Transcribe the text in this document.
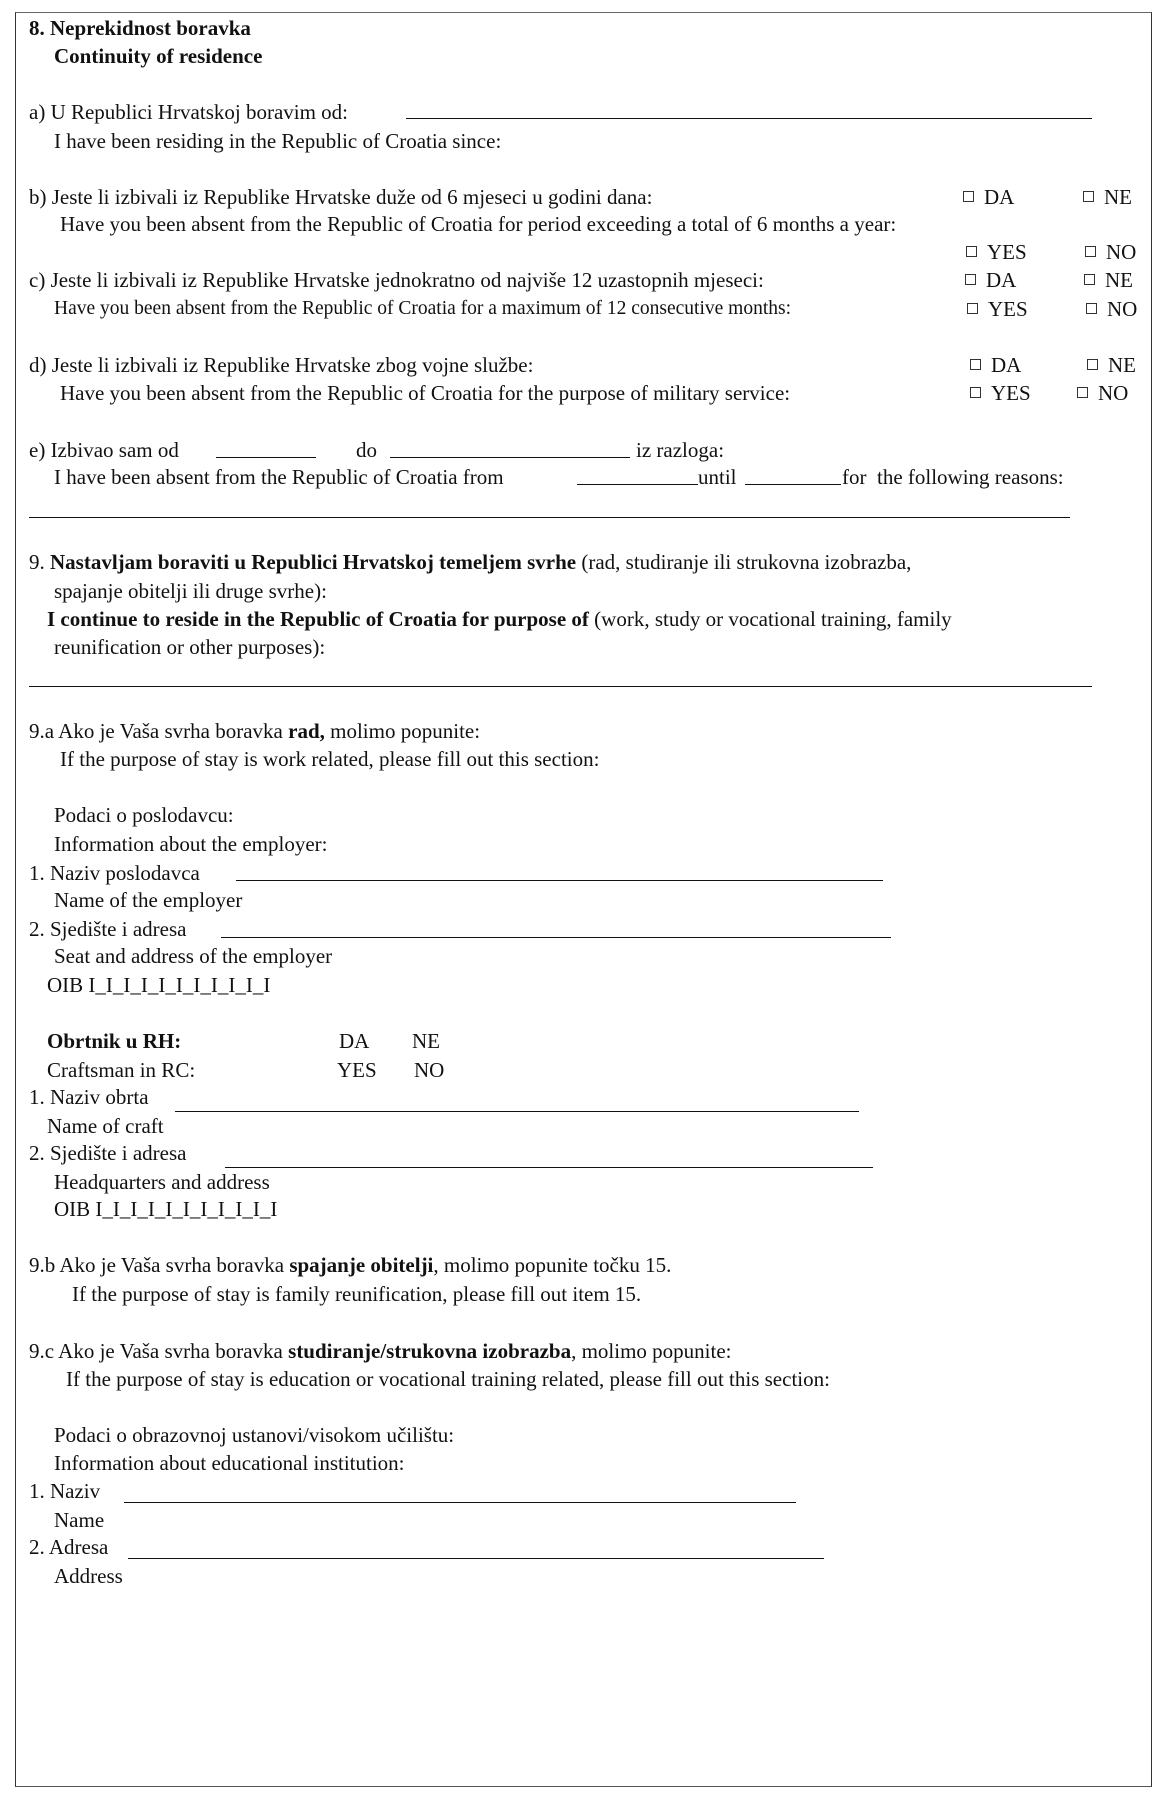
8. Neprekidnost boravka
Continuity of residence
a) U Republici Hrvatskoj boravim od:
I have been residing in the Republic of Croatia since:
b) Jeste li izbivali iz Republike Hrvatske duže od 6 mjeseci u godini dana:	DA	NE
Have you been absent from the Republic of Croatia for period exceeding a total of 6 months a year:
YES	NO
c) Jeste li izbivali iz Republike Hrvatske jednokratno od najviše 12 uzastopnih mjeseci:	DA	NE
Have you been absent from the Republic of Croatia for a maximum of 12 consecutive months:	YES	NO
d) Jeste li izbivali iz Republike Hrvatske zbog vojne službe:	DA	NE
Have you been absent from the Republic of Croatia for the purpose of military service:	YES	NO
e) Izbivao sam od	do	iz razloga:
I have been absent from the Republic of Croatia from	until	for  the following reasons:
9. Nastavljam boraviti u Republici Hrvatskoj temeljem svrhe (rad, studiranje ili strukovna izobrazba,
spajanje obitelji ili druge svrhe):
I continue to reside in the Republic of Croatia for purpose of (work, study or vocational training, family
reunification or other purposes):
9.a Ako je Vaša svrha boravka rad, molimo popunite:
If the purpose of stay is work related, please fill out this section:
Podaci o poslodavcu:
Information about the employer:
1. Naziv poslodavca
Name of the employer
2. Sjedište i adresa
Seat and address of the employer
OIB I_I_I_I_I_I_I_I_I_I_I
Obrtnik u RH:	DA NE
Craftsman in RC:	YES NO
1. Naziv obrta
Name of craft
2. Sjedište i adresa
Headquarters and address
OIB I_I_I_I_I_I_I_I_I_I_I
9.b Ako je Vaša svrha boravka spajanje obitelji, molimo popunite točku 15.
If the purpose of stay is family reunification, please fill out item 15.
9.c Ako je Vaša svrha boravka studiranje/strukovna izobrazba, molimo popunite:
If the purpose of stay is education or vocational training related, please fill out this section:
Podaci o obrazovnoj ustanovi/visokom učilištu:
Information about educational institution:
1. Naziv
Name
2. Adresa
Address
